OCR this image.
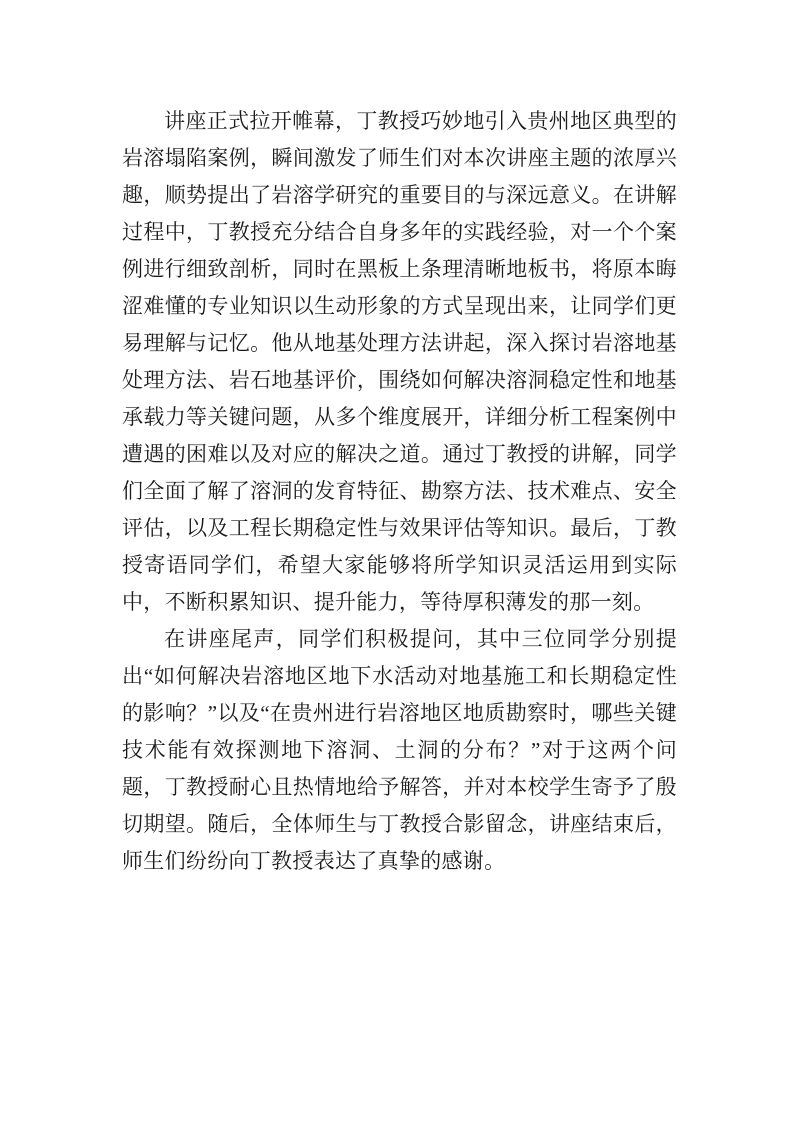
讲座正式拉开帷幕，丁教授巧妙地引入贵州地区典型的岩溶塌陷案例，瞬间激发了师生们对本次讲座主题的浓厚兴趣，顺势提出了岩溶学研究的重要目的与深远意义。在讲解过程中，丁教授充分结合自身多年的实践经验，对一个个案例进行细致剖析，同时在黑板上条理清晰地板书，将原本晦涩难懂的专业知识以生动形象的方式呈现出来，让同学们更易理解与记忆。他从地基处理方法讲起，深入探讨岩溶地基处理方法、岩石地基评价，围绕如何解决溶洞稳定性和地基承载力等关键问题，从多个维度展开，详细分析工程案例中遭遇的困难以及对应的解决之道。通过丁教授的讲解，同学们全面了解了溶洞的发育特征、勘察方法、技术难点、安全评估，以及工程长期稳定性与效果评估等知识。最后，丁教授寄语同学们，希望大家能够将所学知识灵活运用到实际中，不断积累知识、提升能力，等待厚积薄发的那一刻。

在讲座尾声，同学们积极提问，其中三位同学分别提出“如何解决岩溶地区地下水活动对地基施工和长期稳定性的影响？”以及“在贵州进行岩溶地区地质勘察时，哪些关键技术能有效探测地下溶洞、土洞的分布？”对于这两个问题，丁教授耐心且热情地给予解答，并对本校学生寄予了殷切期望。随后，全体师生与丁教授合影留念，讲座结束后，师生们纷纷向丁教授表达了真挚的感谢。
